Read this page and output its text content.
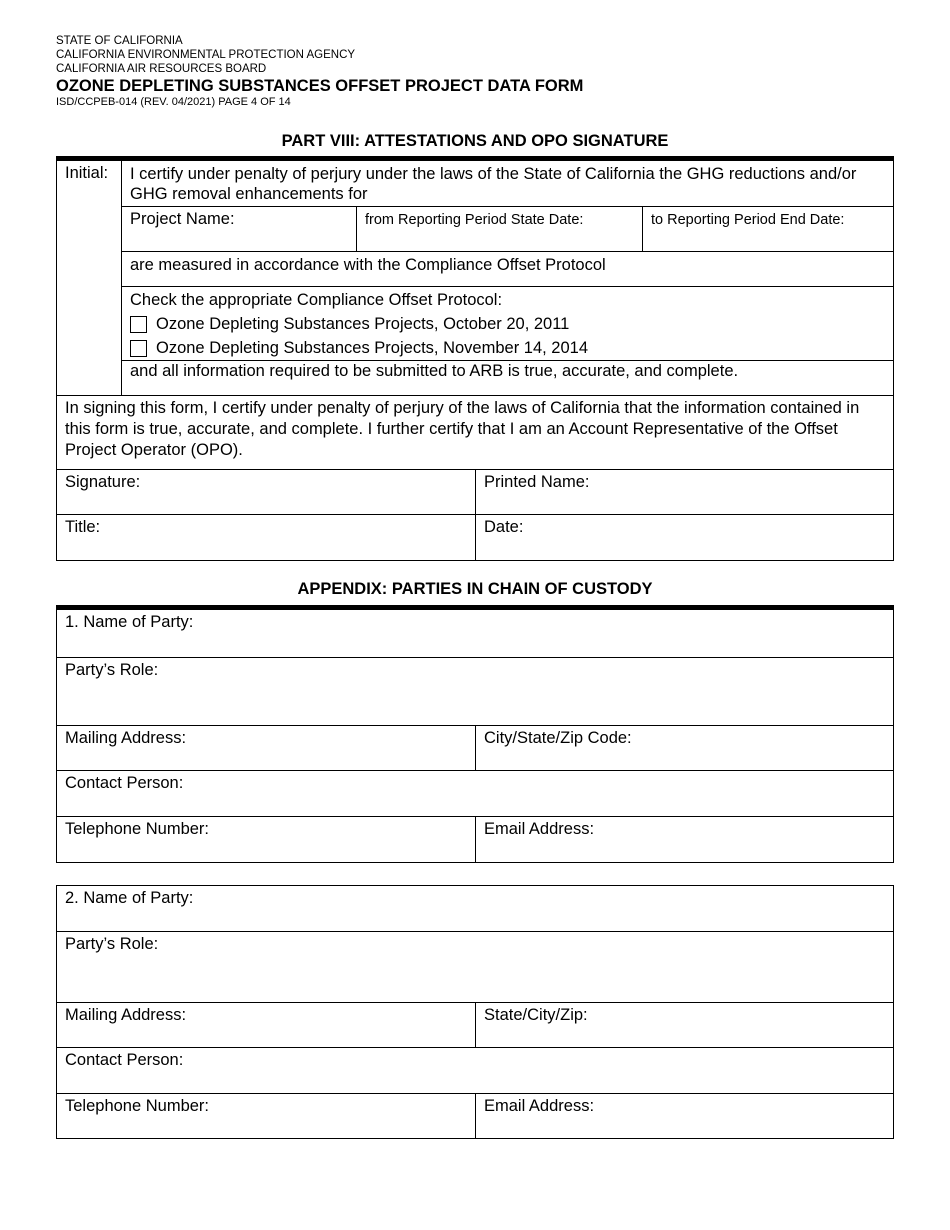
STATE OF CALIFORNIA
CALIFORNIA ENVIRONMENTAL PROTECTION AGENCY
CALIFORNIA AIR RESOURCES BOARD
OZONE DEPLETING SUBSTANCES OFFSET PROJECT DATA FORM
ISD/CCPEB-014 (REV. 04/2021) PAGE 4 OF 14
PART VIII: ATTESTATIONS AND OPO SIGNATURE
Initial:	I certify under penalty of perjury under the laws of the State of California the GHG reductions and/or GHG removal enhancements for
Project Name:	from Reporting Period State Date:	to Reporting Period End Date:
are measured in accordance with the Compliance Offset Protocol
Check the appropriate Compliance Offset Protocol:
Ozone Depleting Substances Projects, October 20, 2011
Ozone Depleting Substances Projects, November 14, 2014
and all information required to be submitted to ARB is true, accurate, and complete.
In signing this form, I certify under penalty of perjury of the laws of California that the information contained in this form is true, accurate, and complete. I further certify that I am an Account Representative of the Offset Project Operator (OPO).
Signature:	Printed Name:
Title:	Date:
APPENDIX: PARTIES IN CHAIN OF CUSTODY
1. Name of Party:
Party’s Role:
Mailing Address:	City/State/Zip Code:
Contact Person:
Telephone Number:	Email Address:
2. Name of Party:
Party’s Role:
Mailing Address:	State/City/Zip:
Contact Person:
Telephone Number:	Email Address:
